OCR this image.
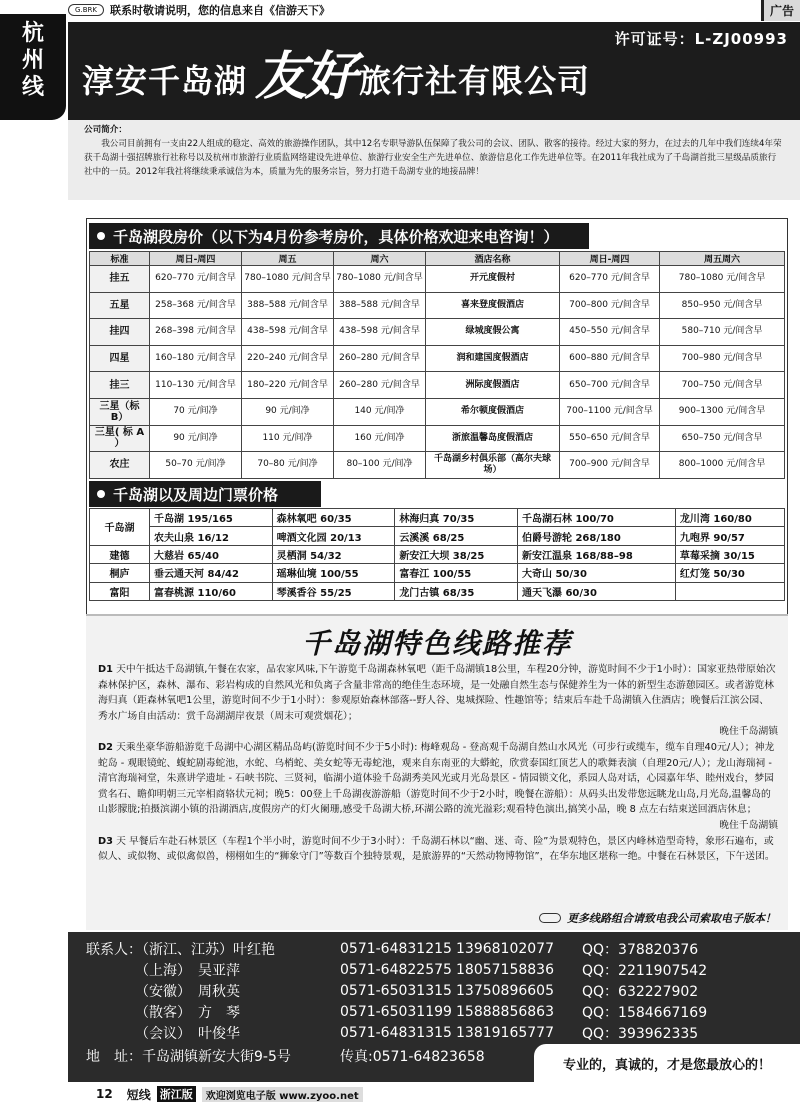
G.BRK	联系时敬请说明，您的信息来自《信游天下》	广告
杭
州
线
许可证号：L-ZJ00993
淳安千岛湖 友好 旅行社有限公司
公司简介：
我公司目前拥有一支由22人组成的稳定、高效的旅游操作团队，其中12名专职导游队伍保障了我公司的会议、团队、散客的接待。经过大家的努力，在过去的几年中我们连续4年荣获千岛湖十强招牌旅行社称号以及杭州市旅游行业质监网络建设先进单位、旅游行业安全生产先进单位、旅游信息化工作先进单位等。在2011年我社成为了千岛湖首批三星级品质旅行社中的一员。2012年我社将继续秉承诚信为本，质量为先的服务宗旨，努力打造千岛湖专业的地接品牌！
千岛湖段房价（以下为4月份参考房价，具体价格欢迎来电咨询！）
标准	周日-周四	周五	周六	酒店名称	周日-周四	周五周六
挂五	620–770 元/间含早	780–1080 元/间含早	780–1080 元/间含早	开元度假村	620–770 元/间含早	780–1080 元/间含早
五星	258–368 元/间含早	388–588 元/间含早	388–588 元/间含早	喜来登度假酒店	700–800 元/间含早	850–950 元/间含早
挂四	268–398 元/间含早	438–598 元/间含早	438–598 元/间含早	绿城度假公寓	450–550 元/间含早	580–710 元/间含早
四星	160–180 元/间含早	220–240 元/间含早	260–280 元/间含早	润和建国度假酒店	600–880 元/间含早	700–980 元/间含早
挂三	110–130 元/间含早	180–220 元/间含早	260–280 元/间含早	洲际度假酒店	650–700 元/间含早	700–750 元/间含早
三星（标 B）	70 元/间净	90 元/间净	140 元/间净	希尔顿度假酒店	700–1100 元/间含早	900–1300 元/间含早
三星( 标 A ）	90 元/间净	110 元/间净	160 元/间净	浙旅温馨岛度假酒店	550–650 元/间含早	650–750 元/间含早
农庄	50–70 元/间净	70–80 元/间净	80–100 元/间净	千岛湖乡村俱乐部（高尔夫球场）	700–900 元/间含早	800–1000 元/间含早
千岛湖以及周边门票价格
千岛湖	千岛湖 195/165	森林氧吧 60/35	林海归真 70/35	千岛湖石林 100/70	龙川湾 160/80
	农夫山泉 16/12	啤酒文化园 20/13	云溪溪 68/25	伯爵号游轮 268/180	九咆界 90/57
建德	大慈岩 65/40	灵栖洞 54/32	新安江大坝 38/25	新安江温泉 168/88–98	草莓采摘 30/15
桐庐	垂云通天河 84/42	瑶琳仙境 100/55	富春江 100/55	大奇山 50/30	红灯笼 50/30
富阳	富春桃源 110/60	琴溪香谷 55/25	龙门古镇 68/35	通天飞瀑 60/30	
千岛湖特色线路推荐
D1 天中午抵达千岛湖镇,午餐在农家，品农家风味,下午游览千岛湖森林氧吧（距千岛湖镇18公里，车程20分钟，游览时间不少于1小时）：国家亚热带原始次森林保护区，森林、瀑布、彩岩构成的自然风光和负离子含量非常高的绝佳生态环境，是一处融自然生态与保健养生为一体的新型生态游憩园区。或者游览林海归真（距森林氧吧1公里，游览时间不少于1小时）：参观原始森林部落--野人谷、鬼城探险、性趣馆等；结束后车赴千岛湖镇入住酒店；晚餐后江滨公园、秀水广场自由活动：赏千岛湖湖岸夜景（周末可观赏烟花）；
晚住千岛湖镇
D2 天乘坐豪华游船游览千岛湖中心湖区精品岛屿(游览时间不少于5小时): 梅峰观岛 - 登高观千岛湖自然山水风光（可步行或缆车，缆车自理40元/人）；神龙蛇岛 - 观眼镜蛇、蝮蛇剧毒蛇池，水蛇、乌梢蛇、美女蛇等无毒蛇池，观来自东南亚的大蟒蛇，欣赏泰国红顶艺人的歌舞表演（自理20元/人）；龙山海瑞祠 - 清官海瑞祠堂，朱熹讲学遗址 - 石峡书院、三贤祠，临湖小道体验千岛湖秀美风光或月光岛景区 - 情园锁文化，系园人岛对话，心园嘉年华、睦州戏台，梦园赏名石、瞻仰明朝三元宰相商辂状元祠；晚5：00登上千岛湖夜游游船（游览时间不少于2小时，晚餐在游船）：从码头出发带您远眺龙山岛,月光岛,温馨岛的山影朦胧;拍摄滨湖小镇的沿湖酒店,度假房产的灯火阑珊,感受千岛湖大桥,环湖公路的流光溢彩;观看特色演出,搞笑小品，晚 8 点左右结束送回酒店休息；
晚住千岛湖镇
D3 天 早餐后车赴石林景区（车程1个半小时，游览时间不少于3小时）：千岛湖石林以“幽、迷、奇、险”为景观特色，景区内峰林造型奇特，象形石遍布，或似人、或似物、或似禽似兽，栩栩如生的“狮象守门”等数百个独特景观，是旅游界的“天然动物博物馆”，在华东地区堪称一绝。中餐在石林景区，下午送团。
更多线路组合请致电我公司索取电子版本！
联系人：（浙江、江苏）叶红艳	0571-64831215 13968102077	QQ：378820376
　　　　（上海）　吴亚萍	0571-64822575 18057158836	QQ：2211907542
　　　　（安徽）　周秋英	0571-65031315 13750896605	QQ：632227902
　　　　（散客）　方　琴	0571-65031199 15888856863	QQ：1584667169
　　　　（会议）　叶俊华	0571-64831315 13819165777	QQ：393962335
地　址：千岛湖镇新安大街9-5号	传真:0571-64823658
专业的，真诚的，才是您最放心的！
12 短线 浙江版	欢迎浏览电子版 www.zyoo.net
